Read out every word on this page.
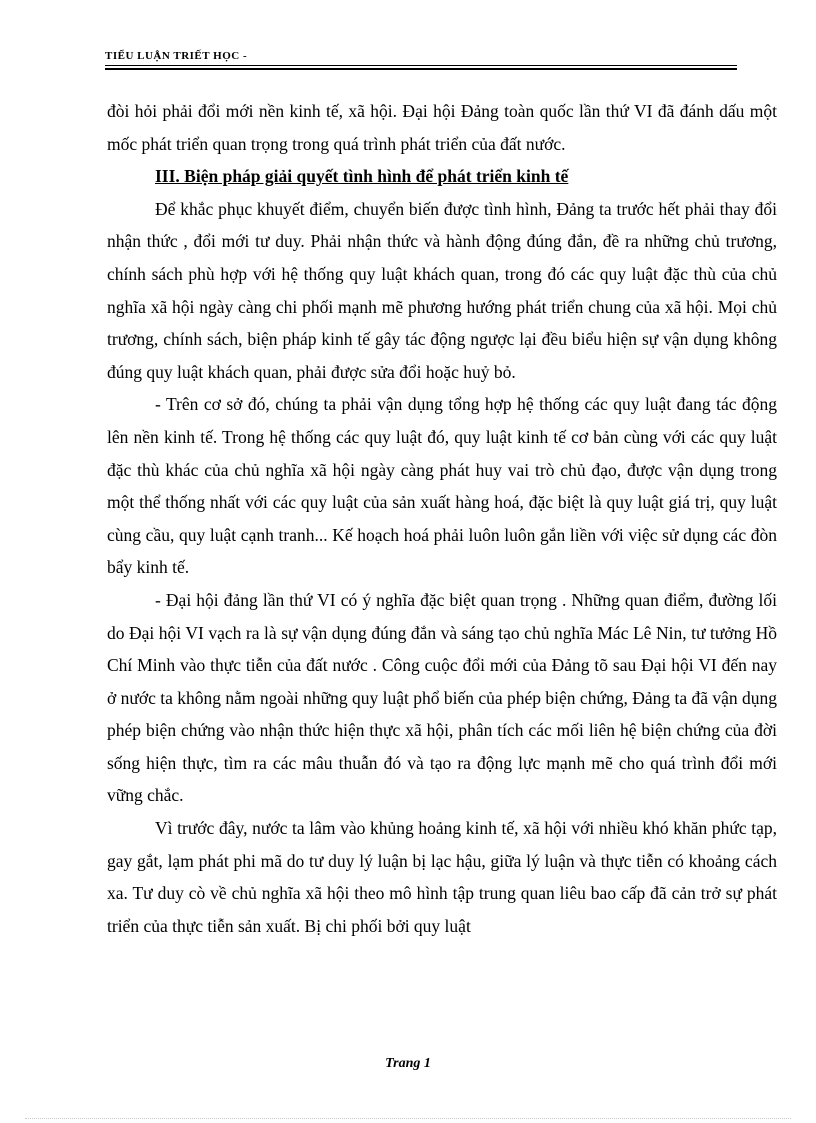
TIỂU LUẬN TRIẾT HỌC -

đòi hỏi phải đổi mới nền kinh tế, xã hội. Đại hội Đảng toàn quốc lần thứ VI đã đánh dấu một mốc phát triển quan trọng trong quá trình phát triển của đất nước.

III. Biện pháp giải quyết tình hình để phát triển kinh tế

Để khắc phục khuyết điểm, chuyển biến được tình hình, Đảng ta trước hết phải thay đổi nhận thức , đổi mới tư duy. Phải nhận thức và hành động đúng đắn, đề ra những chủ trương, chính sách phù hợp với hệ thống quy luật khách quan, trong đó các quy luật đặc thù của chủ nghĩa xã hội ngày càng chi phối mạnh mẽ phương hướng phát triển chung của xã hội. Mọi chủ trương, chính sách, biện pháp kinh tế gây tác động ngược lại đều biểu hiện sự vận dụng không đúng quy luật khách quan, phải được sửa đổi hoặc huỷ bỏ.

- Trên cơ sở đó, chúng ta phải vận dụng tổng hợp hệ thống các quy luật đang tác động lên nền kinh tế. Trong hệ thống các quy luật đó, quy luật kinh tế cơ bản cùng với các quy luật đặc thù khác của chủ nghĩa xã hội ngày càng phát huy vai trò chủ đạo, được vận dụng trong một thể thống nhất với các quy luật của sản xuất hàng hoá, đặc biệt là quy luật giá trị, quy luật cùng cầu, quy luật cạnh tranh... Kế hoạch hoá phải luôn luôn gắn liền với việc sử dụng các đòn bẩy kinh tế.

- Đại hội đảng lần thứ VI có ý nghĩa đặc biệt quan trọng . Những quan điểm, đường lối do Đại hội VI vạch ra là sự vận dụng đúng đắn và sáng tạo chủ nghĩa Mác Lê Nin, tư tưởng Hồ Chí Minh vào thực tiễn của đất nước . Công cuộc đổi mới của Đảng tõ sau Đại hội VI đến nay ở nước ta không nằm ngoài những quy luật phổ biến của phép biện chứng, Đảng ta đã vận dụng phép biện chứng vào nhận thức hiện thực xã hội, phân tích các mối liên hệ biện chứng của đời sống hiện thực, tìm ra các mâu thuẫn đó và tạo ra động lực mạnh mẽ cho quá trình đổi mới vững chắc.

Vì trước đây, nước ta lâm vào khủng hoảng kinh tế, xã hội với nhiều khó khăn phức tạp, gay gắt, lạm phát phi mã do tư duy lý luận bị lạc hậu, giữa lý luận và thực tiễn có khoảng cách xa. Tư duy cò về chủ nghĩa xã hội theo mô hình tập trung quan liêu bao cấp đã cản trở sự phát triển của thực tiễn sản xuất. Bị chi phối bởi quy luật

Trang 1
